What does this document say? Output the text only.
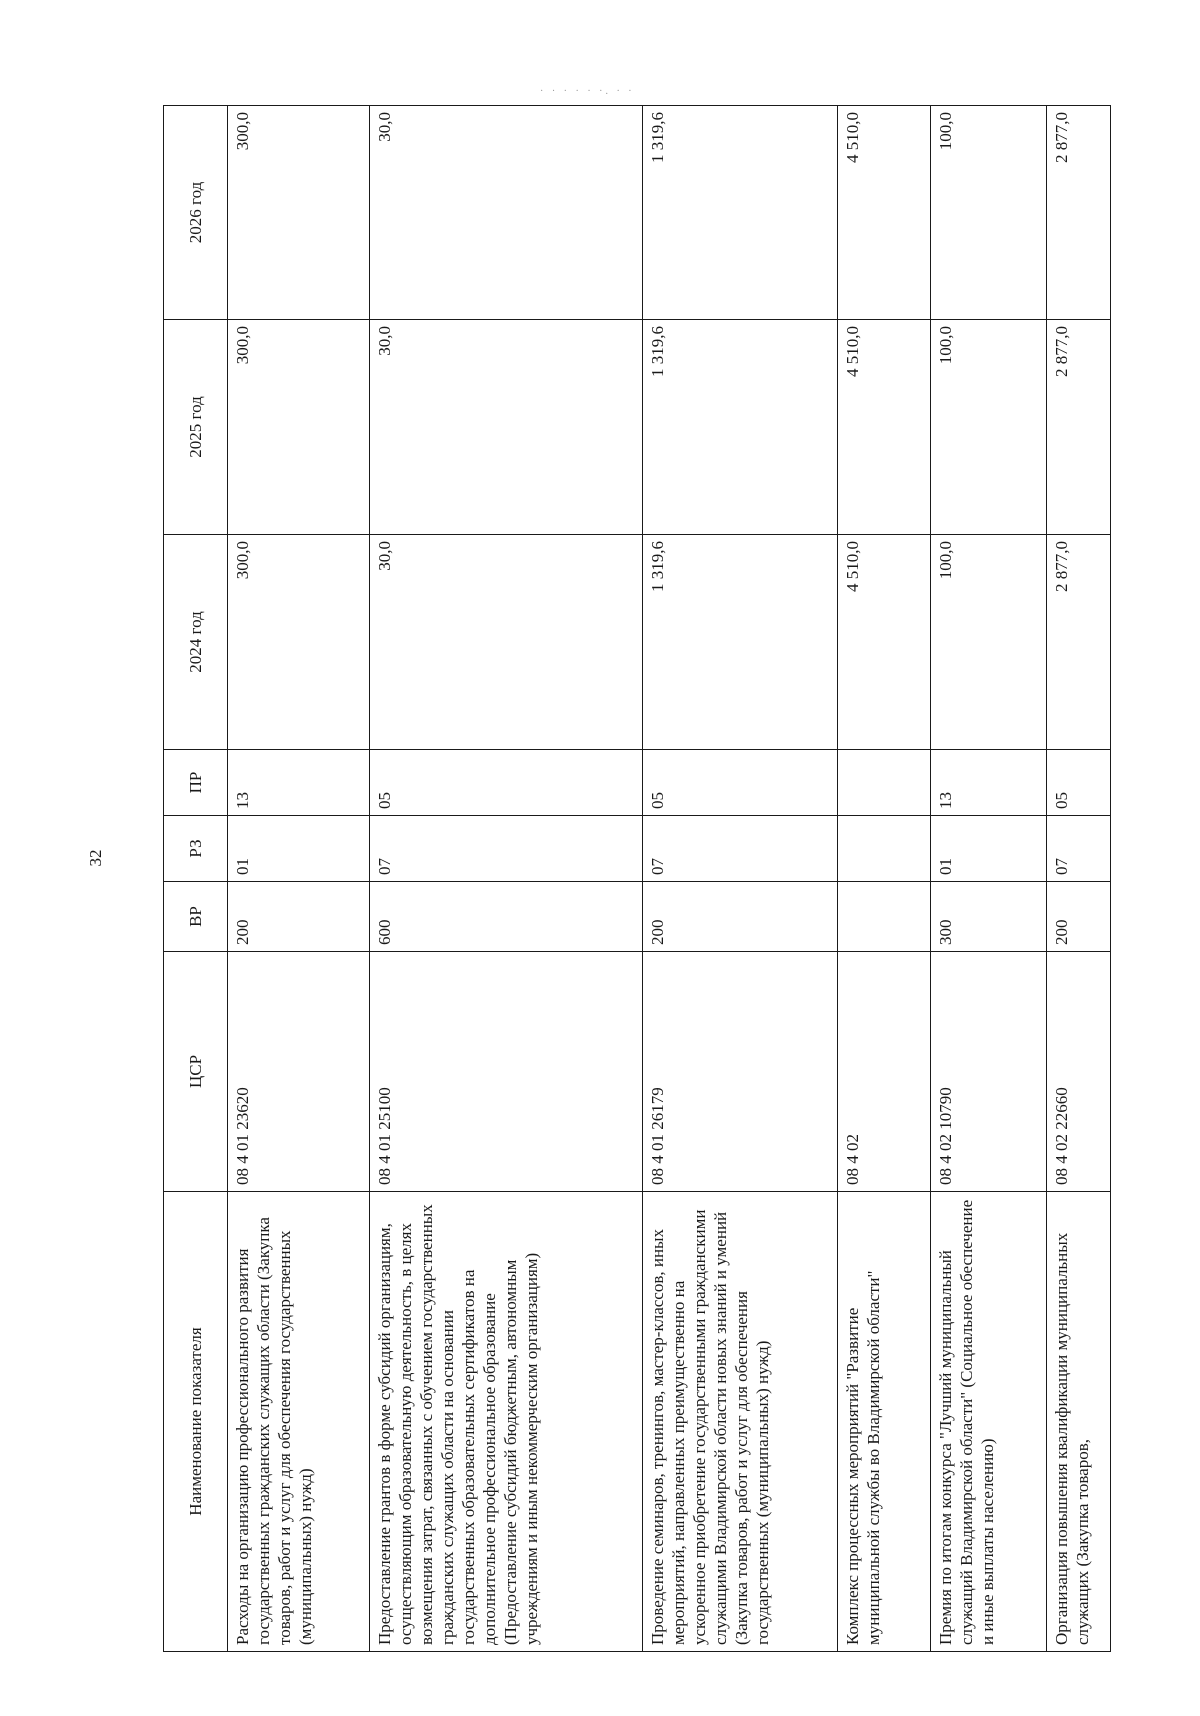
32
· · · · · ·. · ·
Наименование показателя	ЦСР	ВР	РЗ	ПР	2024 год	2025 год	2026 год
Расходы на организацию профессионального развития государственных гражданских служащих области (Закупка товаров, работ и услуг для обеспечения государственных (муниципальных) нужд)	08 4 01 23620	200	01	13	300,0	300,0	300,0
Предоставление грантов в форме субсидий организациям, осуществляющим образовательную деятельность, в целях возмещения затрат, связанных с обучением государственных гражданских служащих области на основании государственных образовательных сертификатов на дополнительное профессиональное образование (Предоставление субсидий бюджетным, автономным учреждениям и иным некоммерческим организациям)	08 4 01 25100	600	07	05	30,0	30,0	30,0
Проведение семинаров, тренингов, мастер-классов, иных мероприятий, направленных преимущественно на ускоренное приобретение государственными гражданскими служащими Владимирской области новых знаний и умений (Закупка товаров, работ и услуг для обеспечения государственных (муниципальных) нужд)	08 4 01 26179	200	07	05	1 319,6	1 319,6	1 319,6
Комплекс процессных мероприятий "Развитие муниципальной службы во Владимирской области"	08 4 02				4 510,0	4 510,0	4 510,0
Премия по итогам конкурса "Лучший муниципальный служащий Владимирской области" (Социальное обеспечение и иные выплаты населению)	08 4 02 10790	300	01	13	100,0	100,0	100,0
Организация повышения квалификации муниципальных служащих (Закупка товаров,	08 4 02 22660	200	07	05	2 877,0	2 877,0	2 877,0
